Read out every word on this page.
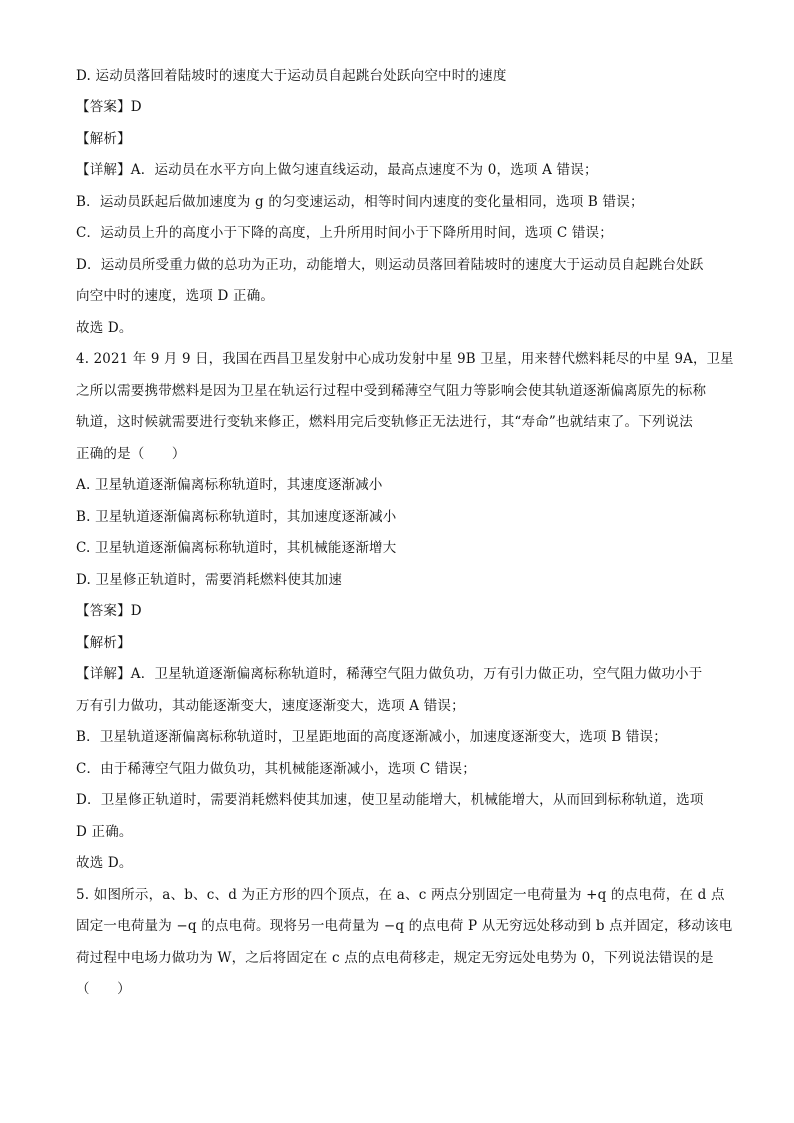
D. 运动员落回着陆坡时的速度大于运动员自起跳台处跃向空中时的速度
【答案】D
【解析】
【详解】A．运动员在水平方向上做匀速直线运动，最高点速度不为 0，选项 A 错误；
B．运动员跃起后做加速度为 g 的匀变速运动，相等时间内速度的变化量相同，选项 B 错误；
C．运动员上升的高度小于下降的高度，上升所用时间小于下降所用时间，选项 C 错误；
D．运动员所受重力做的总功为正功，动能增大，则运动员落回着陆坡时的速度大于运动员自起跳台处跃
向空中时的速度，选项 D 正确。
故选 D。
4. 2021 年 9 月 9 日，我国在西昌卫星发射中心成功发射中星 9B 卫星，用来替代燃料耗尽的中星 9A，卫星
之所以需要携带燃料是因为卫星在轨运行过程中受到稀薄空气阻力等影响会使其轨道逐渐偏离原先的标称
轨道，这时候就需要进行变轨来修正，燃料用完后变轨修正无法进行，其“寿命”也就结束了。下列说法
正确的是（　　）
A. 卫星轨道逐渐偏离标称轨道时，其速度逐渐减小
B. 卫星轨道逐渐偏离标称轨道时，其加速度逐渐减小
C. 卫星轨道逐渐偏离标称轨道时，其机械能逐渐增大
D. 卫星修正轨道时，需要消耗燃料使其加速
【答案】D
【解析】
【详解】A．卫星轨道逐渐偏离标称轨道时，稀薄空气阻力做负功，万有引力做正功，空气阻力做功小于
万有引力做功，其动能逐渐变大，速度逐渐变大，选项 A 错误；
B．卫星轨道逐渐偏离标称轨道时，卫星距地面的高度逐渐减小，加速度逐渐变大，选项 B 错误；
C．由于稀薄空气阻力做负功，其机械能逐渐减小，选项 C 错误；
D．卫星修正轨道时，需要消耗燃料使其加速，使卫星动能增大，机械能增大，从而回到标称轨道，选项
D 正确。
故选 D。
5. 如图所示，a、b、c、d 为正方形的四个顶点，在 a、c 两点分别固定一电荷量为 +q 的点电荷，在 d 点
固定一电荷量为 −q 的点电荷。现将另一电荷量为 −q 的点电荷 P 从无穷远处移动到 b 点并固定，移动该电
荷过程中电场力做功为 W，之后将固定在 c 点的点电荷移走，规定无穷远处电势为 0，下列说法错误的是
（　　）
